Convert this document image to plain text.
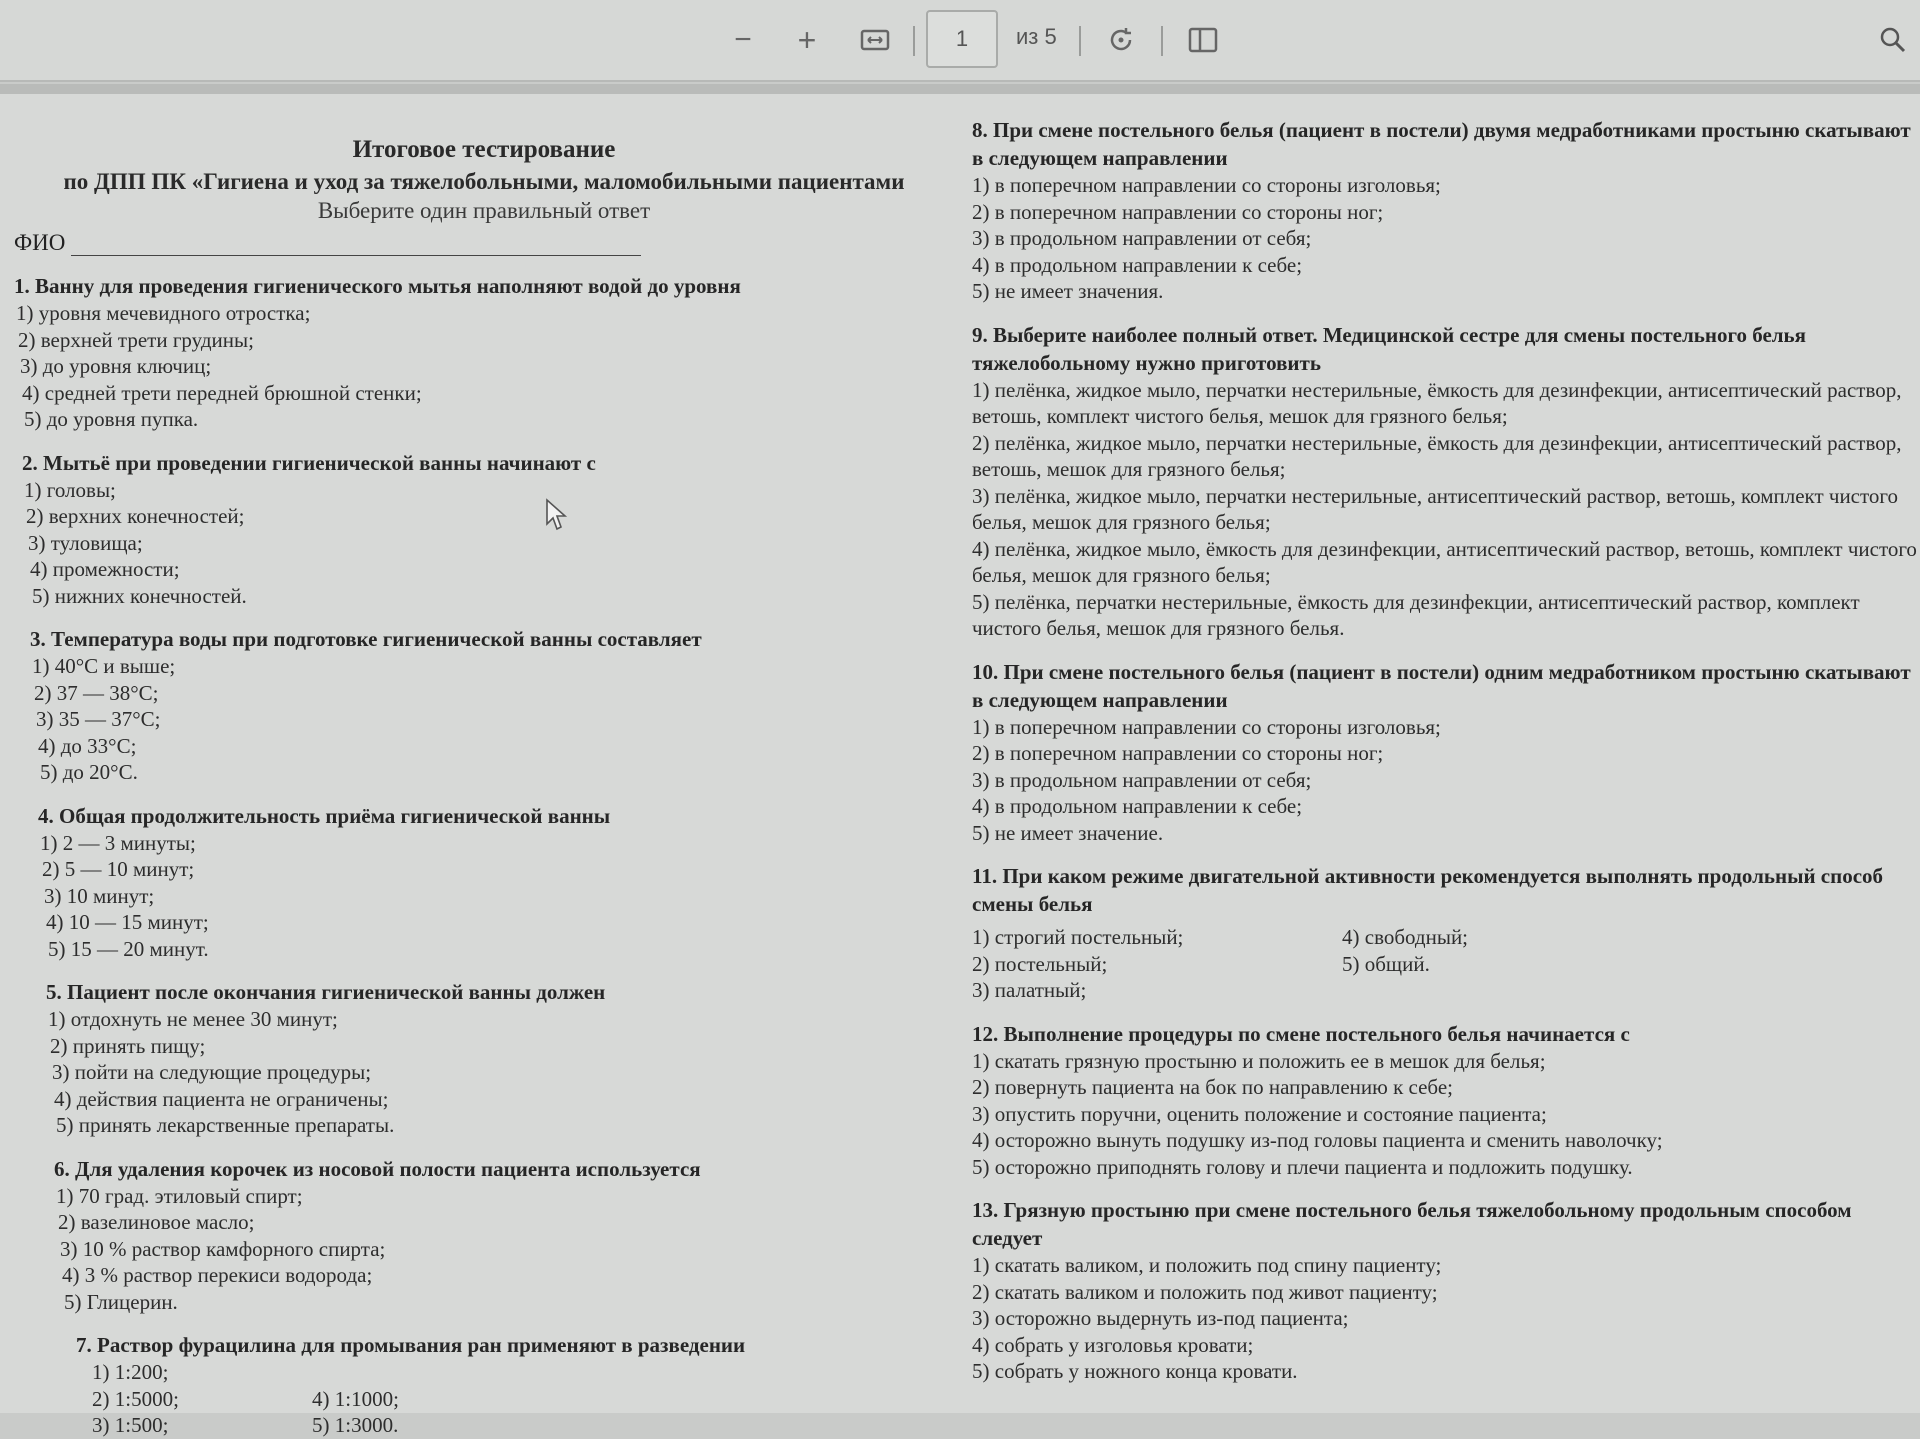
− +	1 из 5
Итоговое тестирование
по ДПП ПК «Гигиена и уход за тяжелобольными, маломобильными пациентами
Выберите один правильный ответ
ФИО
1. Ванну для проведения гигиенического мытья наполняют водой до уровня
1) уровня мечевидного отростка;
2) верхней трети грудины;
3) до уровня ключиц;
4) средней трети передней брюшной стенки;
5) до уровня пупка.
2. Мытьё при проведении гигиенической ванны начинают с
1) головы;
2) верхних конечностей;
3) туловища;
4) промежности;
5) нижних конечностей.
3. Температура воды при подготовке гигиенической ванны составляет
1) 40°С и выше;
2) 37 — 38°С;
3) 35 — 37°С;
4) до 33°С;
5) до 20°С.
4. Общая продолжительность приёма гигиенической ванны
1) 2 — 3 минуты;
2) 5 — 10 минут;
3) 10 минут;
4) 10 — 15 минут;
5) 15 — 20 минут.
5. Пациент после окончания гигиенической ванны должен
1) отдохнуть не менее 30 минут;
2) принять пищу;
3) пойти на следующие процедуры;
4) действия пациента не ограничены;
5) принять лекарственные препараты.
6. Для удаления корочек из носовой полости пациента используется
1) 70 град. этиловый спирт;
2) вазелиновое масло;
3) 10 % раствор камфорного спирта;
4) 3 % раствор перекиси водорода;
5) Глицерин.
7. Раствор фурацилина для промывания ран применяют в разведении
1) 1:200;
2) 1:5000;	4) 1:1000;
3) 1:500;	5) 1:3000.
8. При смене постельного белья (пациент в постели) двумя медработниками простыню скатывают в следующем направлении
1) в поперечном направлении со стороны изголовья;
2) в поперечном направлении со стороны ног;
3) в продольном направлении от себя;
4) в продольном направлении к себе;
5) не имеет значения.
9. Выберите наиболее полный ответ. Медицинской сестре для смены постельного белья тяжелобольному нужно приготовить
1) пелёнка, жидкое мыло, перчатки нестерильные, ёмкость для дезинфекции, антисептический раствор, ветошь, комплект чистого белья, мешок для грязного белья;
2) пелёнка, жидкое мыло, перчатки нестерильные, ёмкость для дезинфекции, антисептический раствор, ветошь, мешок для грязного белья;
3) пелёнка, жидкое мыло, перчатки нестерильные, антисептический раствор, ветошь, комплект чистого белья, мешок для грязного белья;
4) пелёнка, жидкое мыло, ёмкость для дезинфекции, антисептический раствор, ветошь, комплект чистого белья, мешок для грязного белья;
5) пелёнка, перчатки нестерильные, ёмкость для дезинфекции, антисептический раствор, комплект чистого белья, мешок для грязного белья.
10. При смене постельного белья (пациент в постели) одним медработником простыню скатывают в следующем направлении
1) в поперечном направлении со стороны изголовья;
2) в поперечном направлении со стороны ног;
3) в продольном направлении от себя;
4) в продольном направлении к себе;
5) не имеет значение.
11. При каком режиме двигательной активности рекомендуется выполнять продольный способ смены белья
1) строгий постельный;	4) свободный;
2) постельный;	5) общий.
3) палатный;
12. Выполнение процедуры по смене постельного белья начинается с
1) скатать грязную простыню и положить ее в мешок для белья;
2) повернуть пациента на бок по направлению к себе;
3) опустить поручни, оценить положение и состояние пациента;
4) осторожно вынуть подушку из-под головы пациента и сменить наволочку;
5) осторожно приподнять голову и плечи пациента и подложить подушку.
13. Грязную простыню при смене постельного белья тяжелобольному продольным способом следует
1) скатать валиком, и положить под спину пациенту;
2) скатать валиком и положить под живот пациенту;
3) осторожно выдернуть из-под пациента;
4) собрать у изголовья кровати;
5) собрать у ножного конца кровати.
